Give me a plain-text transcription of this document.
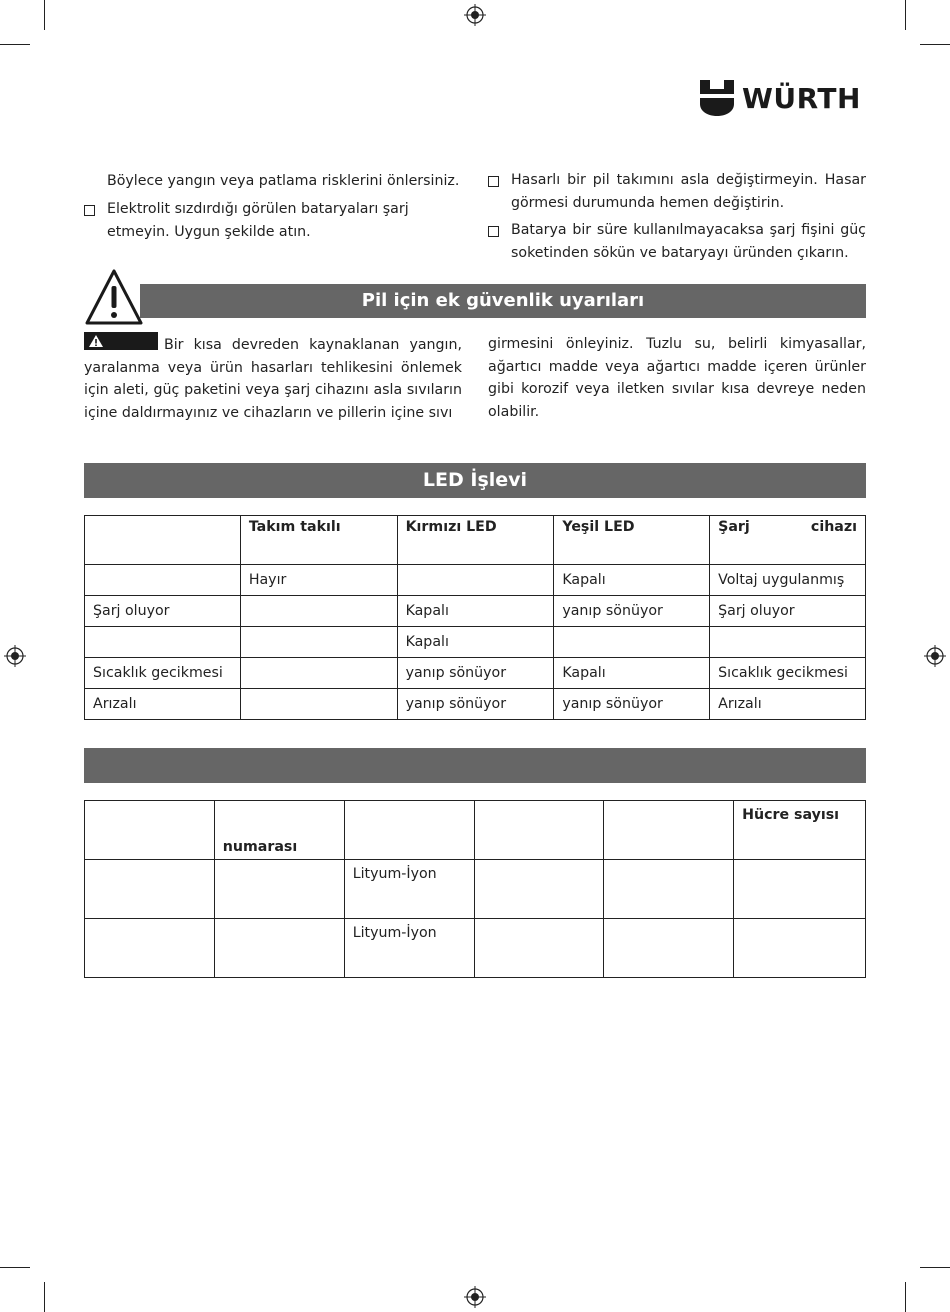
WÜRTH
Böylece yangın veya patlama risklerini önlersiniz.
Elektrolit sızdırdığı görülen bataryaları şarj etmeyin. Uygun şekilde atın.
Hasarlı bir pil takımını asla değiştirmeyin. Hasar görmesi durumunda hemen değiştirin.
Batarya bir süre kullanılmayacaksa şarj fişini güç soketinden sökün ve bataryayı üründen çıkarın.
Pil için ek güvenlik uyarıları
Bir kısa devreden kaynaklanan yangın, yaralanma veya ürün hasarları tehlikesini önlemek için aleti, güç paketini veya şarj cihazını asla sıvıların içine daldırmayınız ve cihazların ve pillerin içine sıvı
girmesini önleyiniz. Tuzlu su, belirli kimyasallar, ağartıcı madde veya ağartıcı madde içeren ürünler gibi korozif veya iletken sıvılar kısa devreye neden olabilir.
LED İşlevi
	Takım takılı	Kırmızı LED	Yeşil LED	Şarj cihazı
	Hayır		Kapalı	Voltaj uygulanmış
Şarj oluyor		Kapalı	yanıp sönüyor	Şarj oluyor
		Kapalı		
Sıcaklık gecikmesi		yanıp sönüyor	Kapalı	Sıcaklık gecikmesi
Arızalı		yanıp sönüyor	yanıp sönüyor	Arızalı
	numarası				Hücre sayısı
		Lityum-İyon			
		Lityum-İyon			
